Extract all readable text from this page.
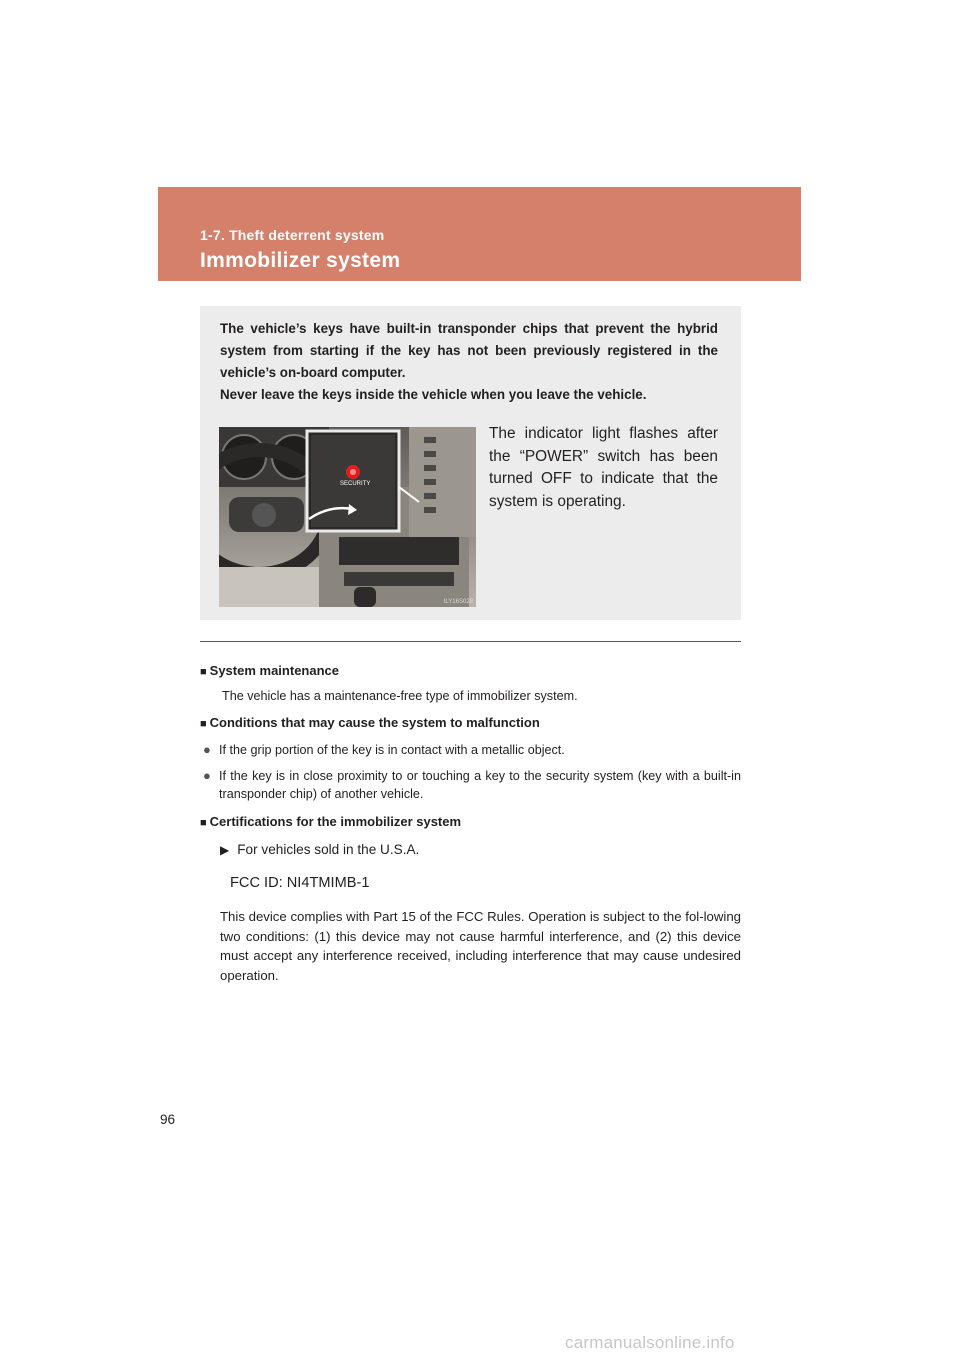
1-7. Theft deterrent system
Immobilizer system

The vehicle’s keys have built-in transponder chips that prevent the hybrid system from starting if the key has not been previously registered in the vehicle’s on-board computer.

Never leave the keys inside the vehicle when you leave the vehicle.

SECURITY
ILY16S028

The indicator light flashes after the “POWER” switch has been turned OFF to indicate that the system is operating.

■ System maintenance

The vehicle has a maintenance-free type of immobilizer system.

■ Conditions that may cause the system to malfunction

● If the grip portion of the key is in contact with a metallic object.

● If the key is in close proximity to or touching a key to the security system (key with a built-in transponder chip) of another vehicle.

■ Certifications for the immobilizer system

▶ For vehicles sold in the U.S.A.

FCC ID: NI4TMIMB-1

This device complies with Part 15 of the FCC Rules. Operation is subject to the fol-lowing two conditions: (1) this device may not cause harmful interference, and (2) this device must accept any interference received, including interference that may cause undesired operation.

96
carmanualsonline.info
